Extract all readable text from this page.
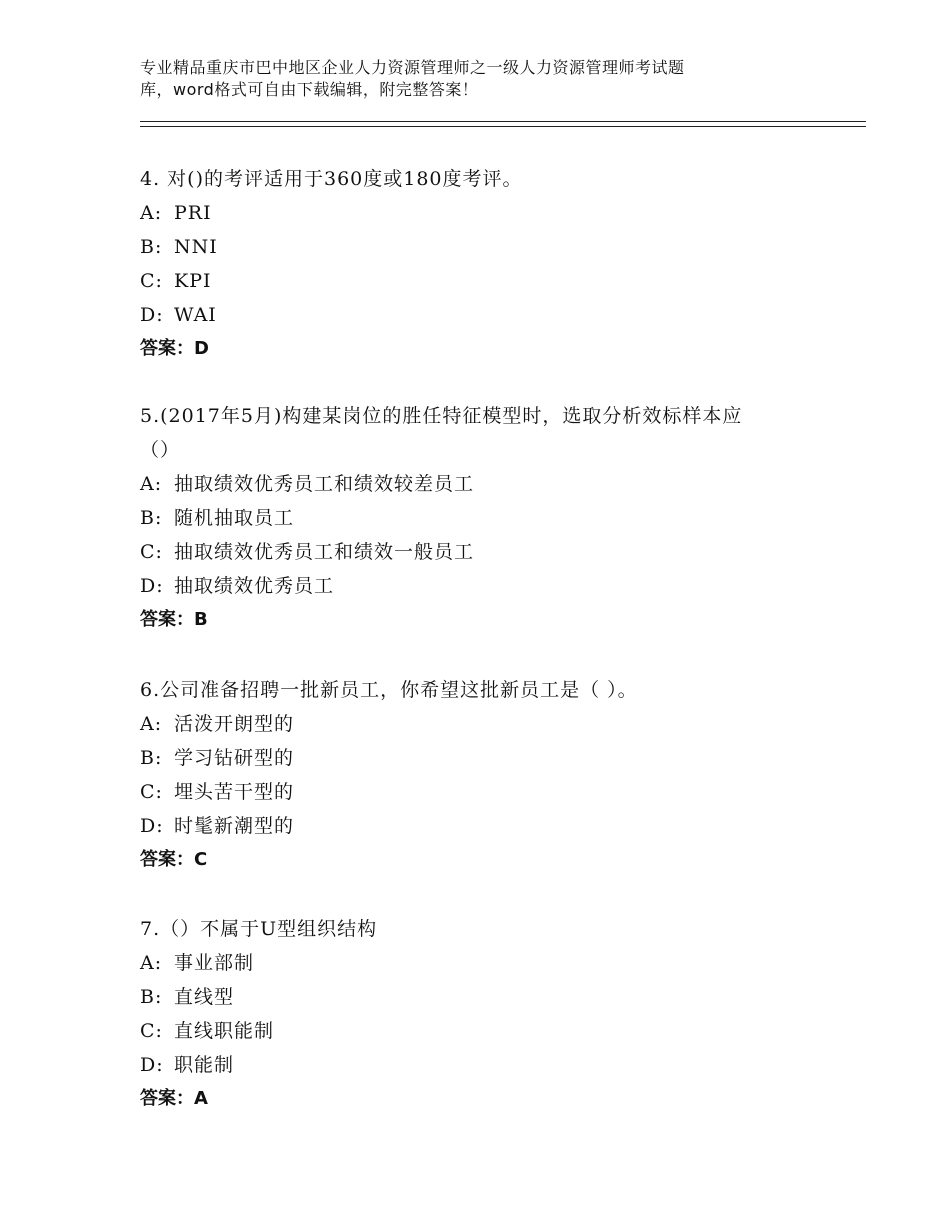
专业精品重庆市巴中地区企业人力资源管理师之一级人力资源管理师考试题
库，word格式可自由下载编辑，附完整答案！
4. 对()的考评适用于360度或180度考评。
A: PRI
B: NNI
C: KPI
D: WAI
答案：D
5.(2017年5月)构建某岗位的胜任特征模型时，选取分析效标样本应
（）
A: 抽取绩效优秀员工和绩效较差员工
B: 随机抽取员工
C: 抽取绩效优秀员工和绩效一般员工
D: 抽取绩效优秀员工
答案：B
6.公司准备招聘一批新员工，你希望这批新员工是（ ）。
A: 活泼开朗型的
B: 学习钻研型的
C: 埋头苦干型的
D: 时髦新潮型的
答案：C
7.（）不属于U型组织结构
A: 事业部制
B: 直线型
C: 直线职能制
D: 职能制
答案：A
